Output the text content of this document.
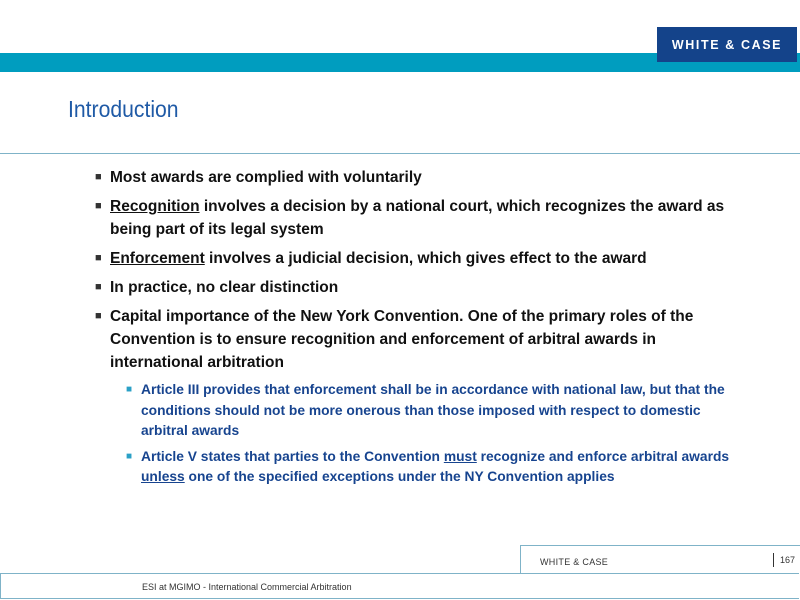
WHITE & CASE
Introduction
■ Most awards are complied with voluntarily
■ Recognition involves a decision by a national court, which recognizes the award as being part of its legal system
■ Enforcement involves a judicial decision, which gives effect to the award
■ In practice, no clear distinction
■ Capital importance of the New York Convention. One of the primary roles of the Convention is to ensure recognition and enforcement of arbitral awards in international arbitration
■ Article III provides that enforcement shall be in accordance with national law, but that the conditions should not be more onerous than those imposed with respect to domestic arbitral awards
■ Article V states that parties to the Convention must recognize and enforce arbitral awards unless one of the specified exceptions under the NY Convention applies
WHITE & CASE	167
ESI at MGIMO - International Commercial Arbitration
